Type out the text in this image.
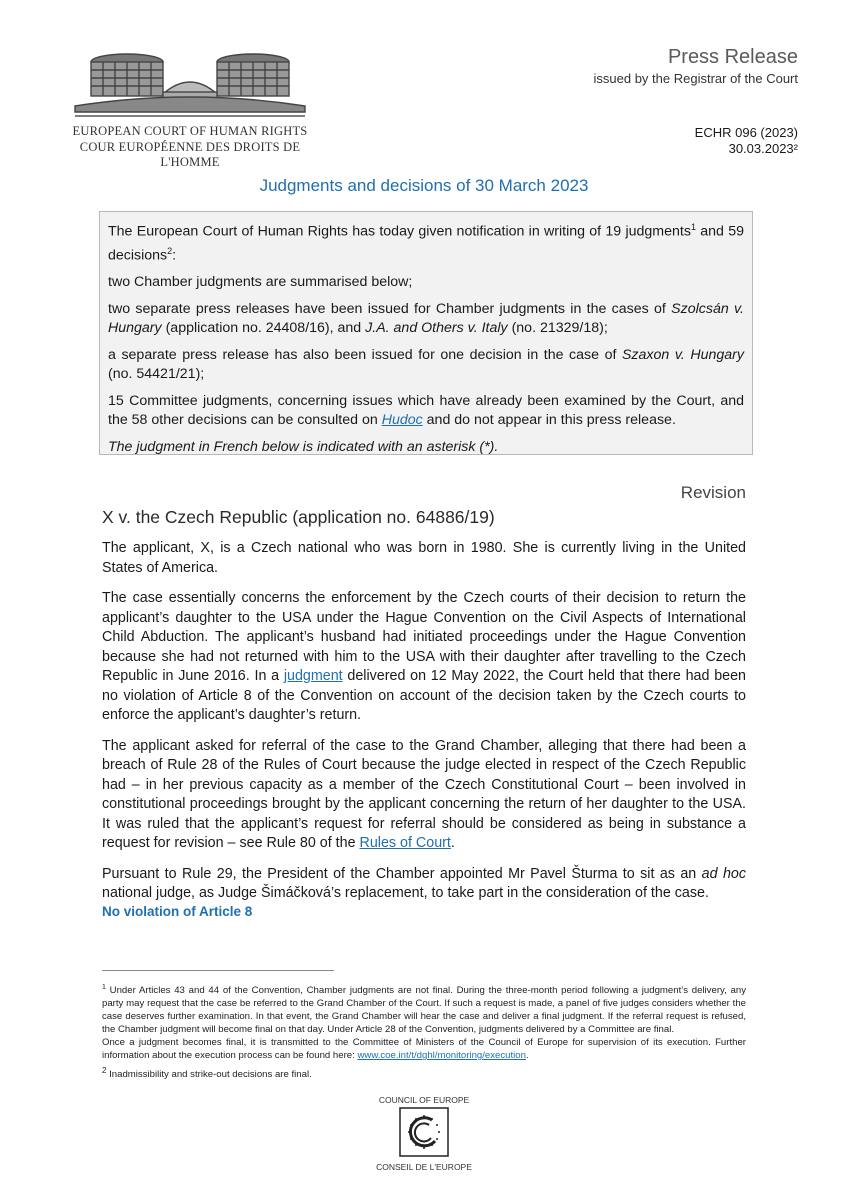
EUROPEAN COURT OF HUMAN RIGHTS
COUR EUROPÉENNE DES DROITS DE L'HOMME
Press Release
issued by the Registrar of the Court
ECHR 096 (2023)
30.03.2023²
Judgments and decisions of 30 March 2023

The European Court of Human Rights has today given notification in writing of 19 judgments$^1$ and 59 decisions$^2$:

two Chamber judgments are summarised below;

two separate press releases have been issued for Chamber judgments in the cases of Szolcsán v. Hungary (application no. 24408/16), and J.A. and Others v. Italy (no. 21329/18);

a separate press release has also been issued for one decision in the case of Szaxon v. Hungary (no. 54421/21);

15 Committee judgments, concerning issues which have already been examined by the Court, and the 58 other decisions can be consulted on Hudoc and do not appear in this press release.

The judgment in French below is indicated with an asterisk (*).

Revision
X v. the Czech Republic (application no. 64886/19)

The applicant, X, is a Czech national who was born in 1980. She is currently living in the United States of America.

The case essentially concerns the enforcement by the Czech courts of their decision to return the applicant’s daughter to the USA under the Hague Convention on the Civil Aspects of International Child Abduction. The applicant’s husband had initiated proceedings under the Hague Convention because she had not returned with him to the USA with their daughter after travelling to the Czech Republic in June 2016. In a judgment delivered on 12 May 2022, the Court held that there had been no violation of Article 8 of the Convention on account of the decision taken by the Czech courts to enforce the applicant’s daughter’s return.

The applicant asked for referral of the case to the Grand Chamber, alleging that there had been a breach of Rule 28 of the Rules of Court because the judge elected in respect of the Czech Republic had – in her previous capacity as a member of the Czech Constitutional Court – been involved in constitutional proceedings brought by the applicant concerning the return of her daughter to the USA. It was ruled that the applicant’s request for referral should be considered as being in substance a request for revision – see Rule 80 of the Rules of Court.

Pursuant to Rule 29, the President of the Chamber appointed Mr Pavel Šturma to sit as an ad hoc national judge, as Judge Šimáčková’s replacement, to take part in the consideration of the case.

No violation of Article 8

$^1$ Under Articles 43 and 44 of the Convention, Chamber judgments are not final. During the three-month period following a judgment’s delivery, any party may request that the case be referred to the Grand Chamber of the Court. If such a request is made, a panel of five judges considers whether the case deserves further examination. In that event, the Grand Chamber will hear the case and deliver a final judgment. If the referral request is refused, the Chamber judgment will become final on that day. Under Article 28 of the Convention, judgments delivered by a Committee are final.

Once a judgment becomes final, it is transmitted to the Committee of Ministers of the Council of Europe for supervision of its execution. Further information about the execution process can be found here: www.coe.int/t/dghl/monitoring/execution.

$^2$ Inadmissibility and strike-out decisions are final.

COUNCIL OF EUROPE
CONSEIL DE L'EUROPE
